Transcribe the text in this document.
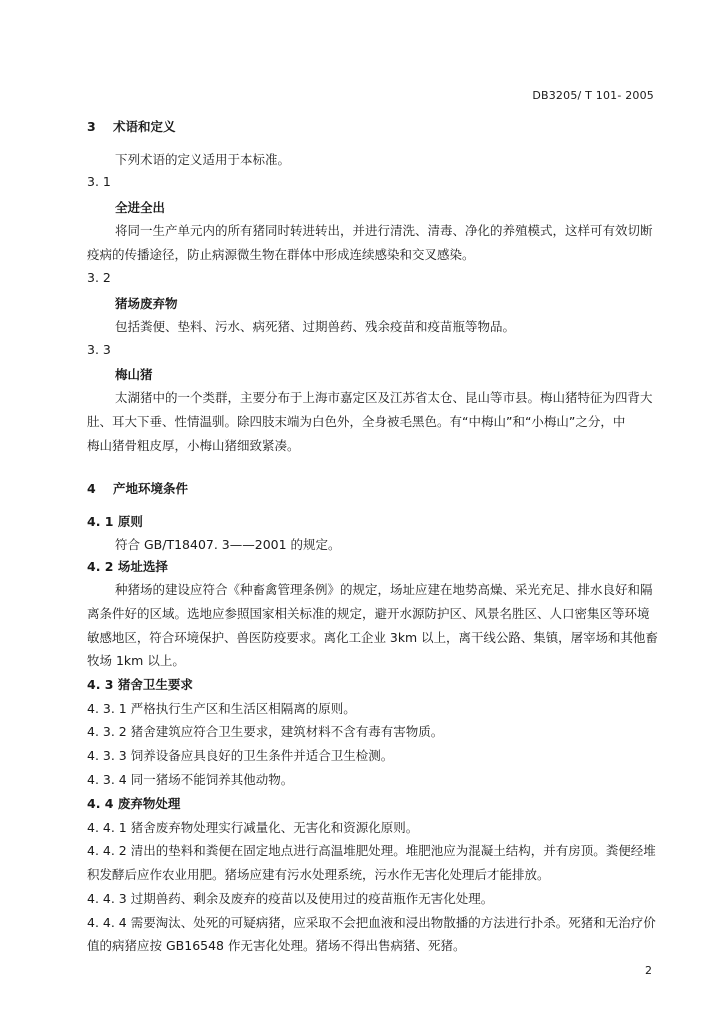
DB3205/ T 101- 2005
3 术语和定义
下列术语的定义适用于本标准。
3. 1
全进全出
将同一生产单元内的所有猪同时转进转出，并进行清洗、清毒、净化的养殖模式，这样可有效切断
疫病的传播途径，防止病源微生物在群体中形成连续感染和交叉感染。
3. 2
猪场废弃物
包括粪便、垫料、污水、病死猪、过期兽药、残余疫苗和疫苗瓶等物品。
3. 3
梅山猪
太湖猪中的一个类群，主要分布于上海市嘉定区及江苏省太仓、昆山等市县。梅山猪特征为四背大
肚、耳大下垂、性情温驯。除四肢末端为白色外，全身被毛黑色。有“中梅山”和“小梅山”之分，中
梅山猪骨粗皮厚，小梅山猪细致紧凑。
4 产地环境条件
4. 1 原则
符合 GB/T18407. 3——2001 的规定。
4. 2 场址选择
种猪场的建设应符合《种畜禽管理条例》的规定，场址应建在地势高燥、采光充足、排水良好和隔
离条件好的区域。选地应参照国家相关标准的规定，避开水源防护区、风景名胜区、人口密集区等环境
敏感地区，符合环境保护、兽医防疫要求。离化工企业 3km 以上，离干线公路、集镇，屠宰场和其他畜
牧场 1km 以上。
4. 3 猪舍卫生要求
4. 3. 1 严格执行生产区和生活区相隔离的原则。
4. 3. 2 猪舍建筑应符合卫生要求，建筑材料不含有毒有害物质。
4. 3. 3 饲养设备应具良好的卫生条件并适合卫生检测。
4. 3. 4 同一猪场不能饲养其他动物。
4. 4 废弃物处理
4. 4. 1 猪舍废弃物处理实行减量化、无害化和资源化原则。
4. 4. 2 清出的垫料和粪便在固定地点进行高温堆肥处理。堆肥池应为混凝土结构，并有房顶。粪便经堆
积发酵后应作农业用肥。猪场应建有污水处理系统，污水作无害化处理后才能排放。
4. 4. 3 过期兽药、剩余及废弃的疫苗以及使用过的疫苗瓶作无害化处理。
4. 4. 4 需要淘汰、处死的可疑病猪，应采取不会把血液和浸出物散播的方法进行扑杀。死猪和无治疗价
值的病猪应按 GB16548 作无害化处理。猪场不得出售病猪、死猪。
2
